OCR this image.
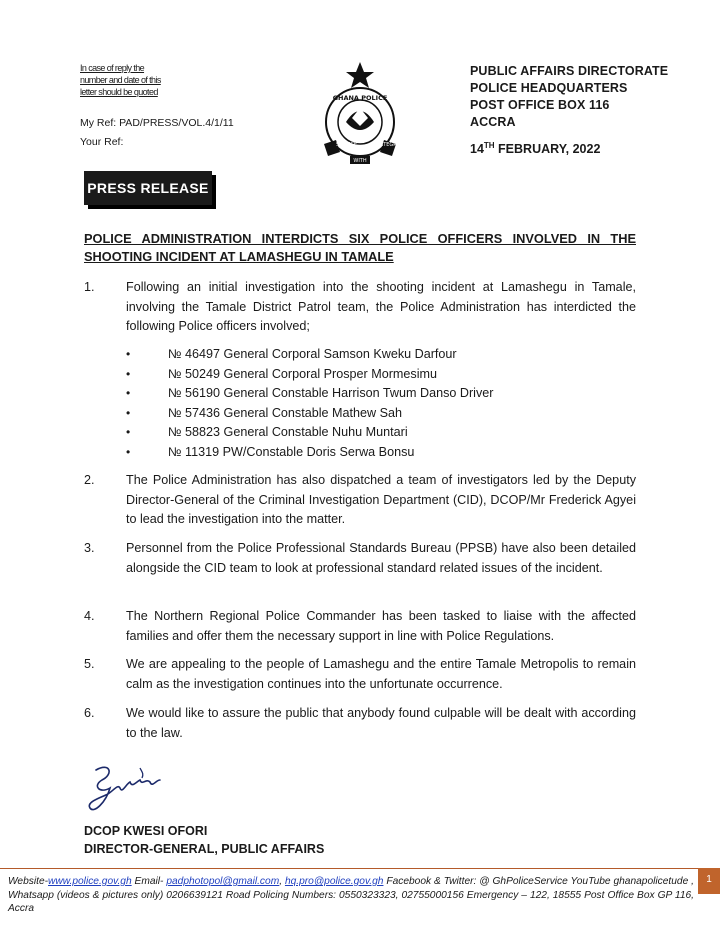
In case of reply the
number and date of this
letter should be quoted
My Ref: PAD/PRESS/VOL.4/1/11
Your Ref:
GHANA POLICE
SERVICE	INTEGRITY
WITH
PUBLIC AFFAIRS DIRECTORATE
POLICE HEADQUARTERS
POST OFFICE BOX 116
ACCRA
14TH FEBRUARY, 2022
PRESS RELEASE
POLICE ADMINISTRATION INTERDICTS SIX POLICE OFFICERS INVOLVED IN THE SHOOTING INCIDENT AT LAMASHEGU IN TAMALE
1. Following an initial investigation into the shooting incident at Lamashegu in Tamale, involving the Tamale District Patrol team, the Police Administration has interdicted the following Police officers involved;
• № 46497 General Corporal Samson Kweku Darfour
• № 50249 General Corporal Prosper Mormesimu
• № 56190 General Constable Harrison Twum Danso Driver
• № 57436 General Constable Mathew Sah
• № 58823 General Constable Nuhu Muntari
• № 11319 PW/Constable Doris Serwa Bonsu
2. The Police Administration has also dispatched a team of investigators led by the Deputy Director-General of the Criminal Investigation Department (CID), DCOP/Mr Frederick Agyei to lead the investigation into the matter.
3. Personnel from the Police Professional Standards Bureau (PPSB) have also been detailed alongside the CID team to look at professional standard related issues of the incident.
4. The Northern Regional Police Commander has been tasked to liaise with the affected families and offer them the necessary support in line with Police Regulations.
5. We are appealing to the people of Lamashegu and the entire Tamale Metropolis to remain calm as the investigation continues into the unfortunate occurrence.
6. We would like to assure the public that anybody found culpable will be dealt with according to the law.
DCOP KWESI OFORI
DIRECTOR-GENERAL, PUBLIC AFFAIRS
Website-www.police.gov.gh Email- padphotopol@gmail.com, hq.pro@police.gov.gh Facebook & Twitter: @ GhPoliceService YouTube ghanapolicetude , Whatsapp (videos & pictures only) 0206639121 Road Policing Numbers: 0550323323, 02755000156 Emergency – 122, 18555 Post Office Box GP 116, Accra
1
